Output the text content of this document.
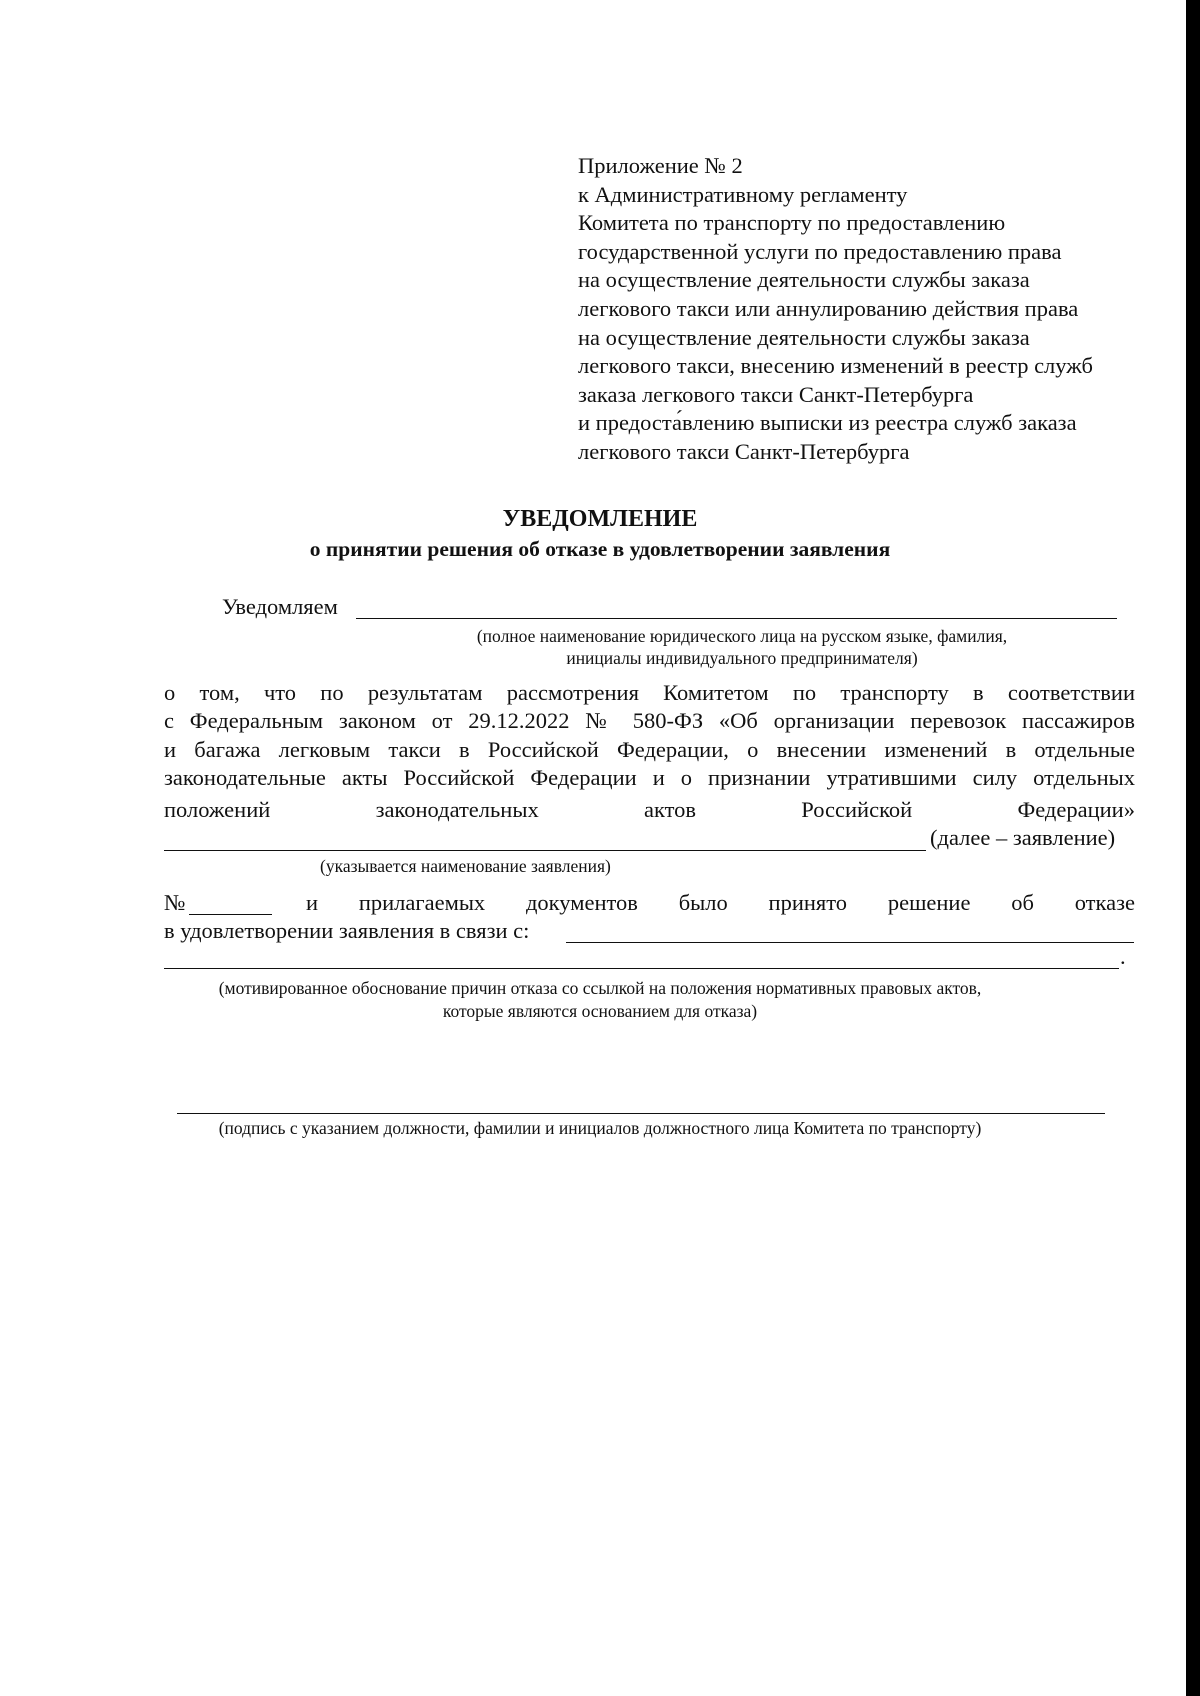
Приложение № 2
к Административному регламенту
Комитета по транспорту по предоставлению
государственной услуги по предоставлению права
на осуществление деятельности службы заказа
легкового такси или аннулированию действия права
на осуществление деятельности службы заказа
легкового такси, внесению изменений в реестр служб
заказа легкового такси Санкт-Петербурга
и предоста́влению выписки из реестра служб заказа
легкового такси Санкт-Петербурга
УВЕДОМЛЕНИЕ
о принятии решения об отказе в удовлетворении заявления
Уведомляем
(полное наименование юридического лица на русском языке, фамилия,
инициалы индивидуального предпринимателя)
о том, что по результатам рассмотрения Комитетом по транспорту в соответствии
с Федеральным законом от 29.12.2022 № 580-ФЗ «Об организации перевозок пассажиров
и багажа легковым такси в Российской Федерации, о внесении изменений в отдельные
законодательные акты Российской Федерации и о признании утратившими силу отдельных
положений	законодательных	актов	Российской	Федерации»
(далее – заявление)
(указывается наименование заявления)
№	и прилагаемых документов было принято решение об отказе
в удовлетворении заявления в связи с:
.
(мотивированное обоснование причин отказа со ссылкой на положения нормативных правовых актов,
которые являются основанием для отказа)
(подпись с указанием должности, фамилии и инициалов должностного лица Комитета по транспорту)
